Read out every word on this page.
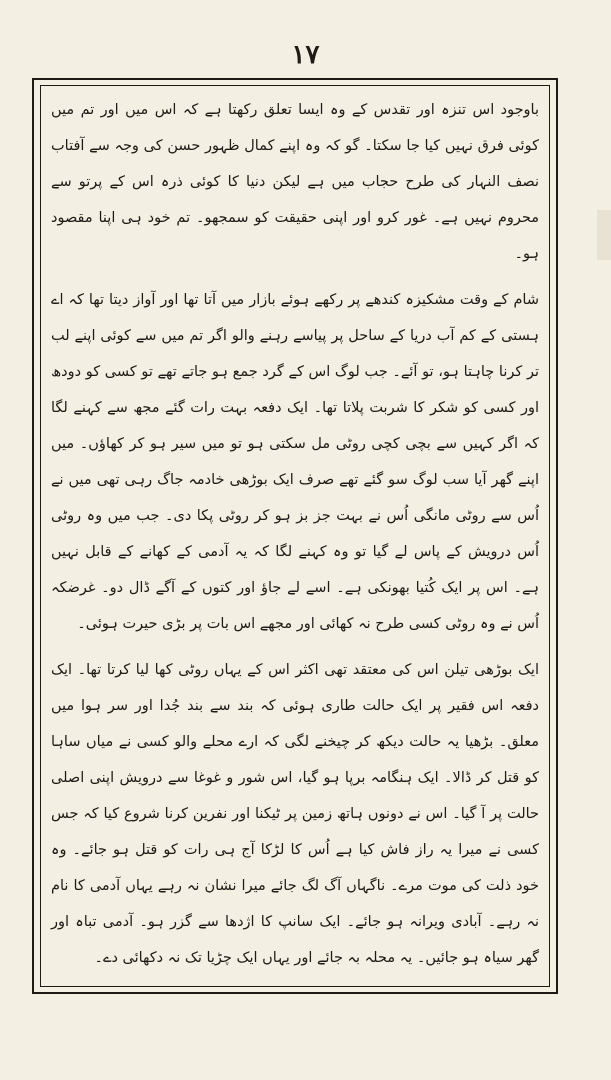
۱۷

باوجود اس تنزہ اور تقدس کے وہ ایسا تعلق رکھتا ہے کہ اس میں اور تم میں کوئی فرق نہیں کیا جا سکتا۔ گو کہ وہ اپنے کمال ظہور حسن کی وجہ سے آفتاب نصف النہار کی طرح حجاب میں ہے لیکن دنیا کا کوئی ذرہ اس کے پرتو سے محروم نہیں ہے۔ غور کرو اور اپنی حقیقت کو سمجھو۔ تم خود ہی اپنا مقصود ہو۔

شام کے وقت مشکیزہ کندھے پر رکھے ہوئے بازار میں آتا تھا اور آواز دیتا تھا کہ اے ہستی کے کم آب دریا کے ساحل پر پیاسے رہنے والو اگر تم میں سے کوئی اپنے لب تر کرنا چاہتا ہو، تو آئے۔ جب لوگ اس کے گرد جمع ہو جاتے تھے تو کسی کو دودھ اور کسی کو شکر کا شربت پلاتا تھا۔ ایک دفعہ بہت رات گئے مجھ سے کہنے لگا کہ اگر کہیں سے بچی کچی روٹی مل سکتی ہو تو میں سیر ہو کر کھاؤں۔ میں اپنے گھر آیا سب لوگ سو گئے تھے صرف ایک بوڑھی خادمہ جاگ رہی تھی میں نے اُس سے روٹی مانگی اُس نے بہت جز بز ہو کر روٹی پکا دی۔ جب میں وہ روٹی اُس درویش کے پاس لے گیا تو وہ کہنے لگا کہ یہ آدمی کے کھانے کے قابل نہیں ہے۔ اس پر ایک کُتیا بھونکی ہے۔ اسے لے جاؤ اور کتوں کے آگے ڈال دو۔ غرضکہ اُس نے وہ روٹی کسی طرح نہ کھائی اور مجھے اس بات پر بڑی حیرت ہوئی۔

ایک بوڑھی تیلن اس کی معتقد تھی اکثر اس کے یہاں روٹی کھا لیا کرتا تھا۔ ایک دفعہ اس فقیر پر ایک حالت طاری ہوئی کہ بند سے بند جُدا اور سر ہوا میں معلق۔ بڑھیا یہ حالت دیکھ کر چیخنے لگی کہ ارے محلے والو کسی نے میاں ساہا کو قتل کر ڈالا۔ ایک ہنگامہ برپا ہو گیا، اس شور و غوغا سے درویش اپنی اصلی حالت پر آ گیا۔ اس نے دونوں ہاتھ زمین پر ٹیکنا اور نفرین کرنا شروع کیا کہ جس کسی نے میرا یہ راز فاش کیا ہے اُس کا لڑکا آج ہی رات کو قتل ہو جائے۔ وہ خود ذلت کی موت مرے۔ ناگہاں آگ لگ جائے میرا نشان نہ رہے یہاں آدمی کا نام نہ رہے۔ آبادی ویرانہ ہو جائے۔ ایک سانپ کا اژدھا سے گزر ہو۔ آدمی تباہ اور گھر سیاہ ہو جائیں۔ یہ محلہ بہ جائے اور یہاں ایک چڑیا تک نہ دکھائی دے۔
